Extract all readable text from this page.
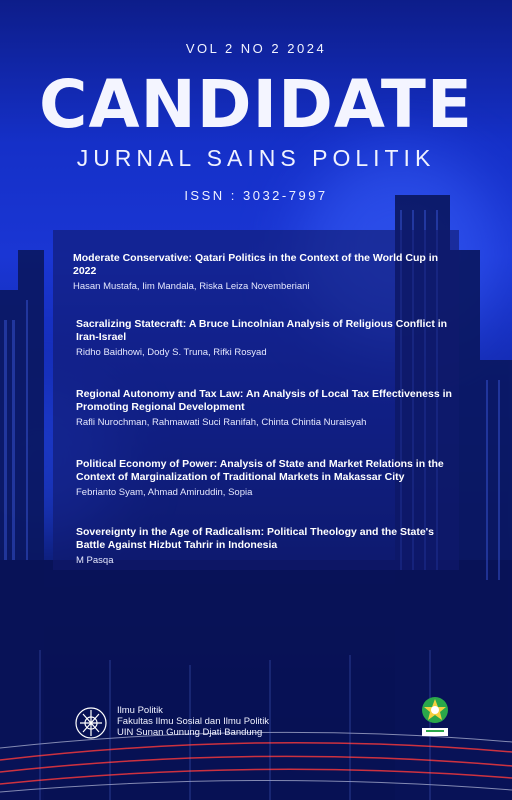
VOL 2 NO 2 2024
CANDIDATE
JURNAL SAINS POLITIK
ISSN : 3032-7997
Moderate Conservative: Qatari Politics in the Context of the World Cup in 2022
Hasan Mustafa, Iim Mandala, Riska Leiza Novemberiani
Sacralizing Statecraft: A Bruce Lincolnian Analysis of Religious Conflict in Iran-Israel
Ridho Baidhowi, Dody S. Truna, Rifki Rosyad
Regional Autonomy and Tax Law: An Analysis of Local Tax Effectiveness in Promoting Regional Development
Rafli Nurochman, Rahmawati Suci Ranifah, Chinta Chintia Nuraisyah
Political Economy of Power: Analysis of State and Market Relations in the Context of Marginalization of Traditional Markets in Makassar City
Febrianto Syam, Ahmad Amiruddin, Sopia
Sovereignty in the Age of Radicalism: Political Theology and the State's Battle Against Hizbut Tahrir in Indonesia
M Pasqa
Ilmu Politik
Fakultas Ilmu Sosial dan Ilmu Politik
UIN Sunan Gunung Djati Bandung
